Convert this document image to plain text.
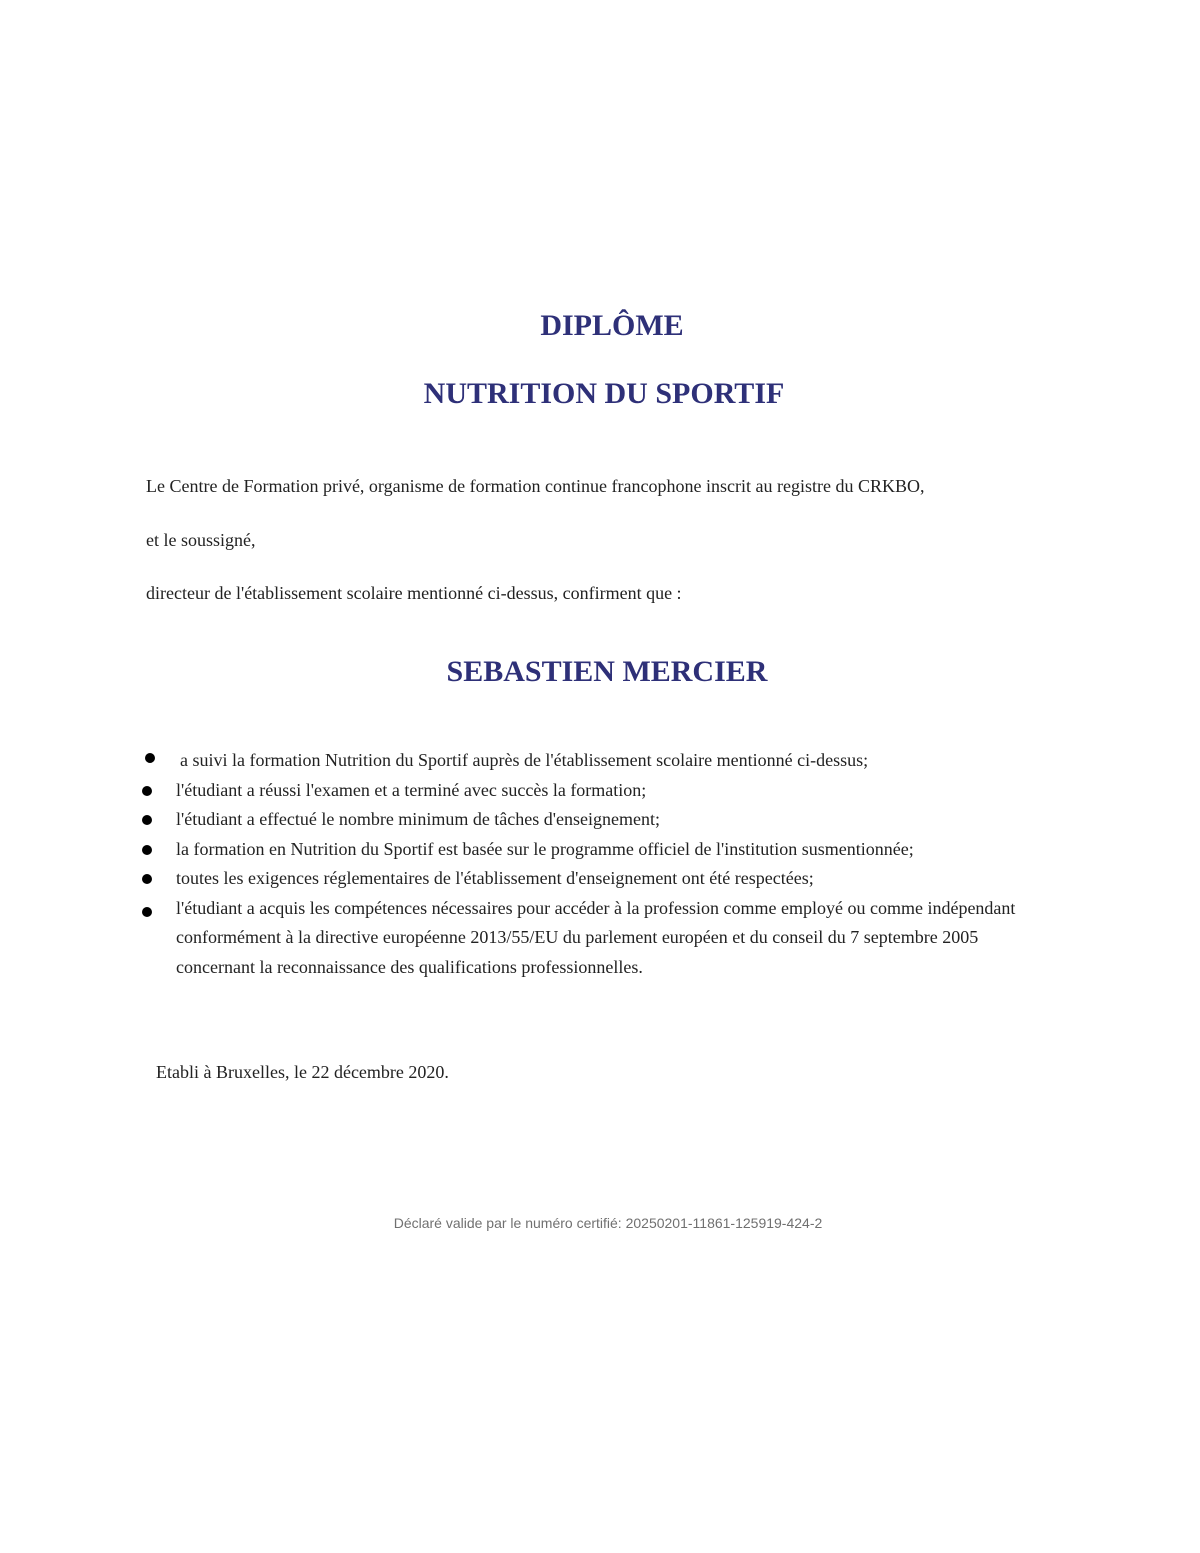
DIPLÔME
NUTRITION DU SPORTIF

Le Centre de Formation privé, organisme de formation continue francophone inscrit au registre du CRKBO,

et le soussigné,

directeur de l'établissement scolaire mentionné ci-dessus, confirment que :

SEBASTIEN MERCIER
a suivi la formation Nutrition du Sportif auprès de l'établissement scolaire mentionné ci-dessus;
l'étudiant a réussi l'examen et a terminé avec succès la formation;
l'étudiant a effectué le nombre minimum de tâches d'enseignement;
la formation en Nutrition du Sportif est basée sur le programme officiel de l'institution susmentionnée;
toutes les exigences réglementaires de l'établissement d'enseignement ont été respectées;
l'étudiant a acquis les compétences nécessaires pour accéder à la profession comme employé ou comme indépendant conformément à la directive européenne 2013/55/EU du parlement européen et du conseil du 7 septembre 2005 concernant la reconnaissance des qualifications professionnelles.

Etabli à Bruxelles, le 22 décembre 2020.

Déclaré valide par le numéro certifié: 20250201-11861-125919-424-2
